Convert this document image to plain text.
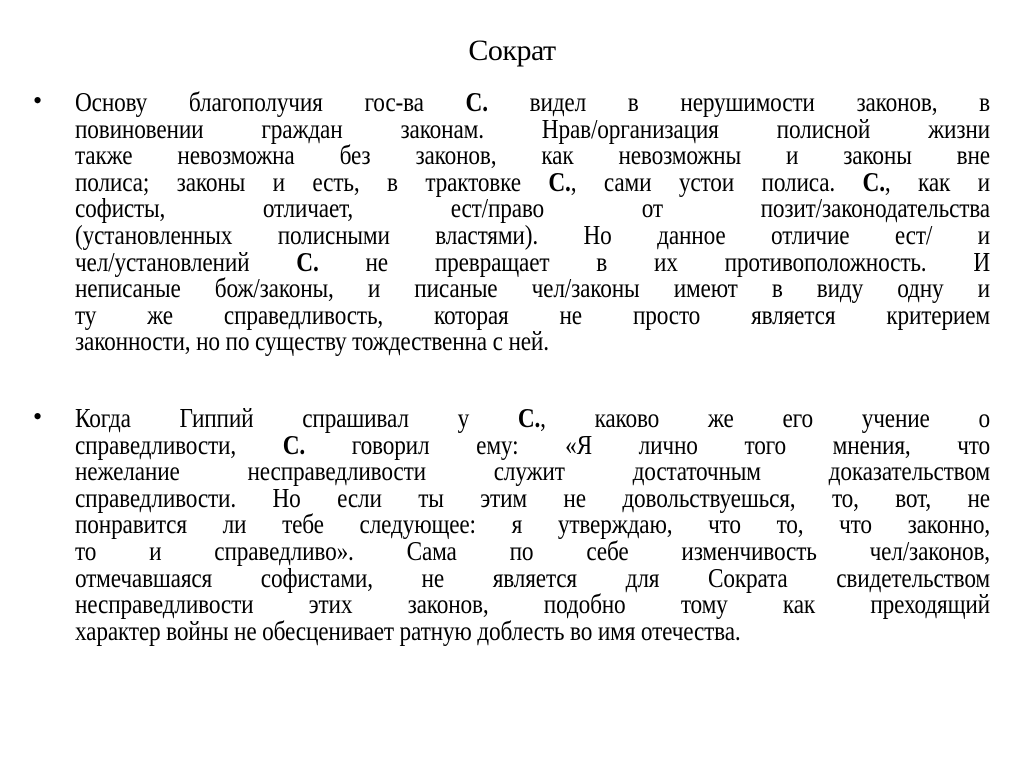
Сократ
• Основу благополучия гос-ва С. видел в нерушимости законов, в
повиновении граждан законам. Нрав/организация полисной жизни
также невозможна без законов, как невозможны и законы вне
полиса; законы и есть, в трактовке С., сами устои полиса. С., как и
софисты, отличает, ест/право от позит/законодательства
(установленных полисными властями). Но данное отличие ест/ и
чел/установлений С. не превращает в их противоположность. И
неписаные бож/законы, и писаные чел/законы имеют в виду одну и
ту же справедливость, которая не просто является критерием
законности, но по существу тождественна с ней.
• Когда Гиппий спрашивал у С., каково же его учение о
справедливости, С. говорил ему: «Я лично того мнения, что
нежелание несправедливости служит достаточным доказательством
справедливости. Но если ты этим не довольствуешься, то, вот, не
понравится ли тебе следующее: я утверждаю, что то, что законно,
то и справедливо». Сама по себе изменчивость чел/законов,
отмечавшаяся софистами, не является для Сократа свидетельством
несправедливости этих законов, подобно тому как преходящий
характер войны не обесценивает ратную доблесть во имя отечества.
